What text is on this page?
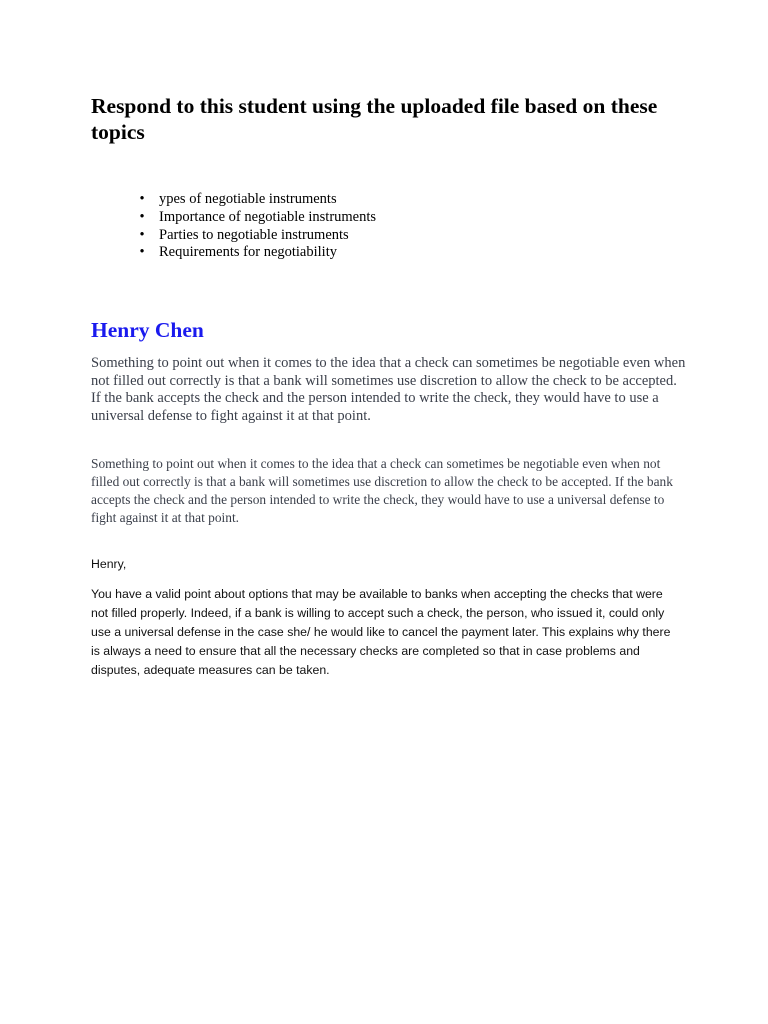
Respond to this student using the uploaded file based on these topics
• ypes of negotiable instruments
• Importance of negotiable instruments
• Parties to negotiable instruments
• Requirements for negotiability
Henry Chen

Something to point out when it comes to the idea that a check can sometimes be negotiable even when not filled out correctly is that a bank will sometimes use discretion to allow the check to be accepted. If the bank accepts the check and the person intended to write the check, they would have to use a universal defense to fight against it at that point.

Something to point out when it comes to the idea that a check can sometimes be negotiable even when not filled out correctly is that a bank will sometimes use discretion to allow the check to be accepted. If the bank accepts the check and the person intended to write the check, they would have to use a universal defense to fight against it at that point.

Henry,

You have a valid point about options that may be available to banks when accepting the checks that were not filled properly. Indeed, if a bank is willing to accept such a check, the person, who issued it, could only use a universal defense in the case she/ he would like to cancel the payment later. This explains why there is always a need to ensure that all the necessary checks are completed so that in case problems and disputes, adequate measures can be taken.
